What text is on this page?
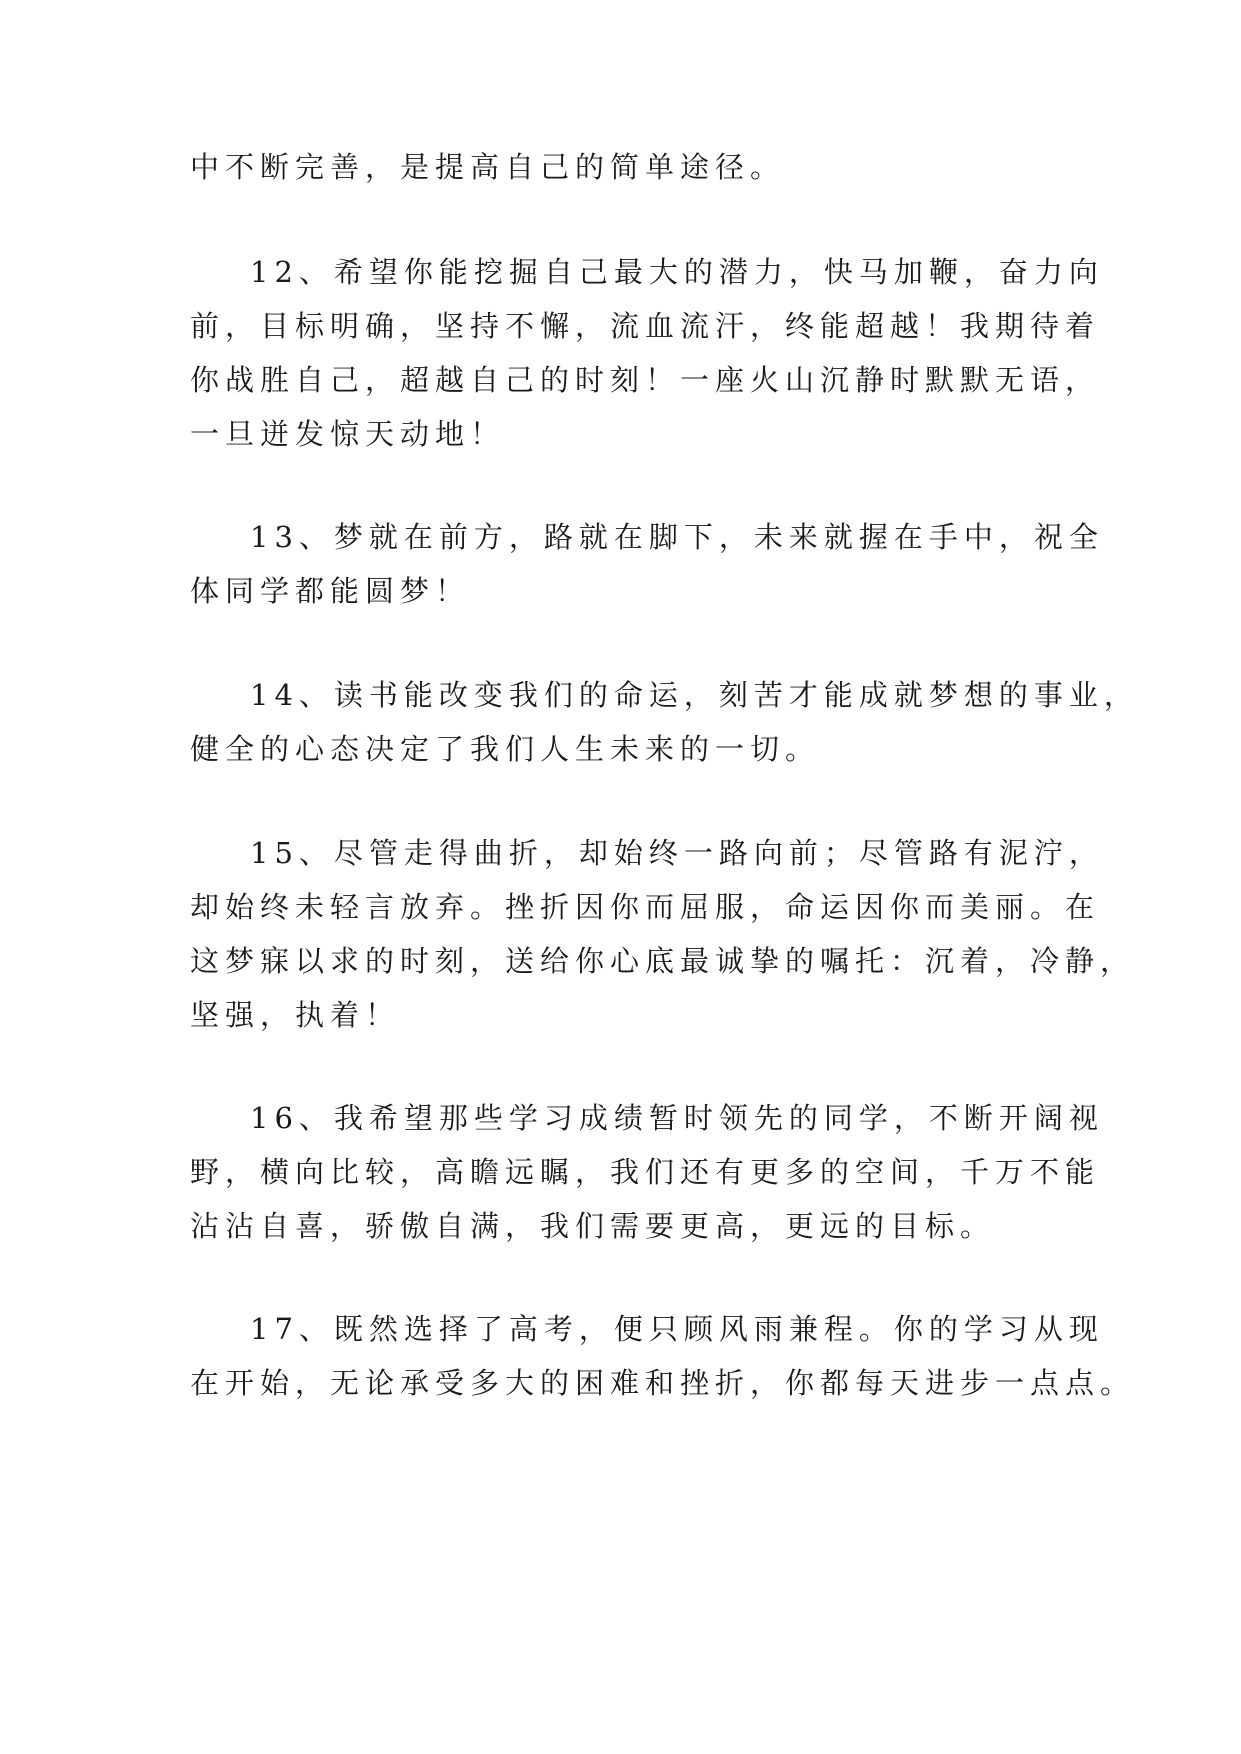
中不断完善，是提高自己的简单途径。
12、希望你能挖掘自己最大的潜力，快马加鞭，奋力向
前，目标明确，坚持不懈，流血流汗，终能超越！我期待着
你战胜自己，超越自己的时刻！一座火山沉静时默默无语，
一旦迸发惊天动地！
13、梦就在前方，路就在脚下，未来就握在手中，祝全
体同学都能圆梦！
14、读书能改变我们的命运，刻苦才能成就梦想的事业，
健全的心态决定了我们人生未来的一切。
15、尽管走得曲折，却始终一路向前；尽管路有泥泞，
却始终未轻言放弃。挫折因你而屈服，命运因你而美丽。在
这梦寐以求的时刻，送给你心底最诚挚的嘱托：沉着，冷静，
坚强，执着！
16、我希望那些学习成绩暂时领先的同学，不断开阔视
野，横向比较，高瞻远瞩，我们还有更多的空间，千万不能
沾沾自喜，骄傲自满，我们需要更高，更远的目标。
17、既然选择了高考，便只顾风雨兼程。你的学习从现
在开始，无论承受多大的困难和挫折，你都每天进步一点点。
